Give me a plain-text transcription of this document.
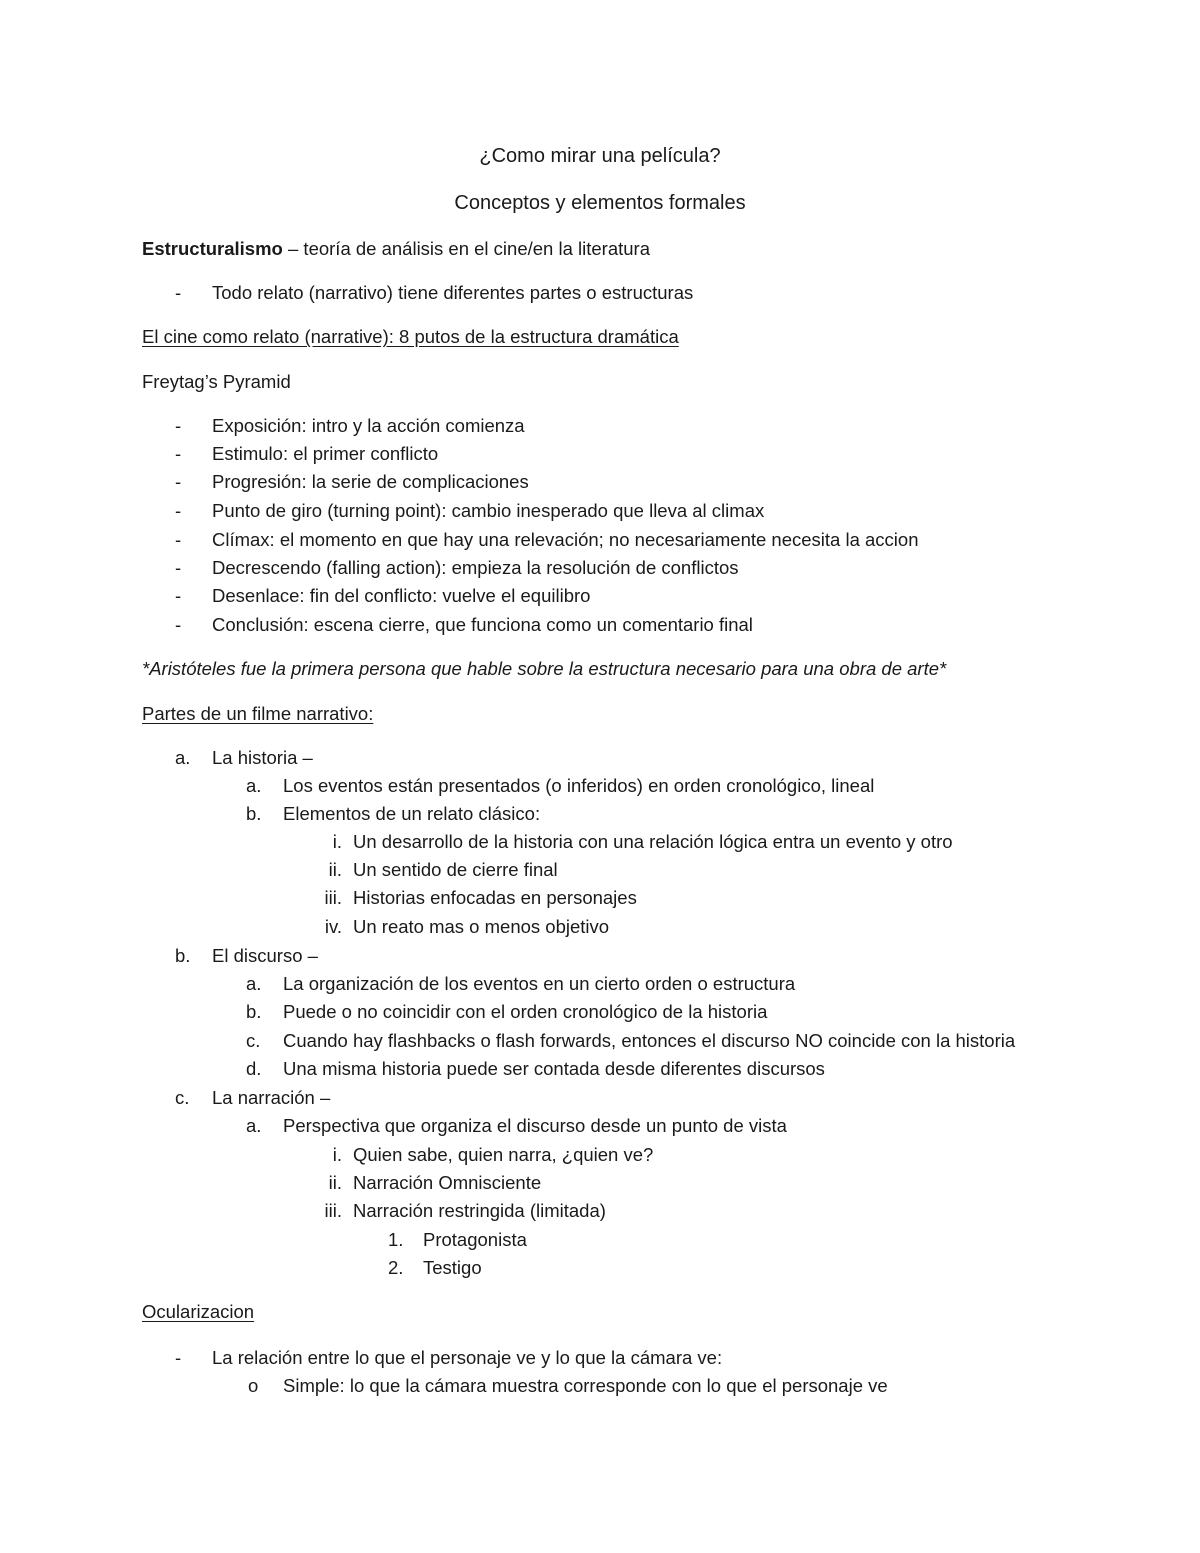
¿Como mirar una película?
Conceptos y elementos formales
Estructuralismo – teoría de análisis en el cine/en la literatura
- Todo relato (narrativo) tiene diferentes partes o estructuras
El cine como relato (narrative): 8 putos de la estructura dramática
Freytag’s Pyramid
- Exposición: intro y la acción comienza
- Estimulo: el primer conflicto
- Progresión: la serie de complicaciones
- Punto de giro (turning point): cambio inesperado que lleva al climax
- Clímax: el momento en que hay una relevación; no necesariamente necesita la accion
- Decrescendo (falling action): empieza la resolución de conflictos
- Desenlace: fin del conflicto: vuelve el equilibro
- Conclusión: escena cierre, que funciona como un comentario final
*Aristóteles fue la primera persona que hable sobre la estructura necesario para una obra de arte*
Partes de un filme narrativo:
a. La historia –
a. Los eventos están presentados (o inferidos) en orden cronológico, lineal
b. Elementos de un relato clásico:
i. Un desarrollo de la historia con una relación lógica entra un evento y otro
ii. Un sentido de cierre final
iii. Historias enfocadas en personajes
iv. Un reato mas o menos objetivo
b. El discurso –
a. La organización de los eventos en un cierto orden o estructura
b. Puede o no coincidir con el orden cronológico de la historia
c. Cuando hay flashbacks o flash forwards, entonces el discurso NO coincide con la historia
d. Una misma historia puede ser contada desde diferentes discursos
c. La narración –
a. Perspectiva que organiza el discurso desde un punto de vista
i. Quien sabe, quien narra, ¿quien ve?
ii. Narración Omnisciente
iii. Narración restringida (limitada)
1. Protagonista
2. Testigo
Ocularizacion
- La relación entre lo que el personaje ve y lo que la cámara ve:
o Simple: lo que la cámara muestra corresponde con lo que el personaje ve
